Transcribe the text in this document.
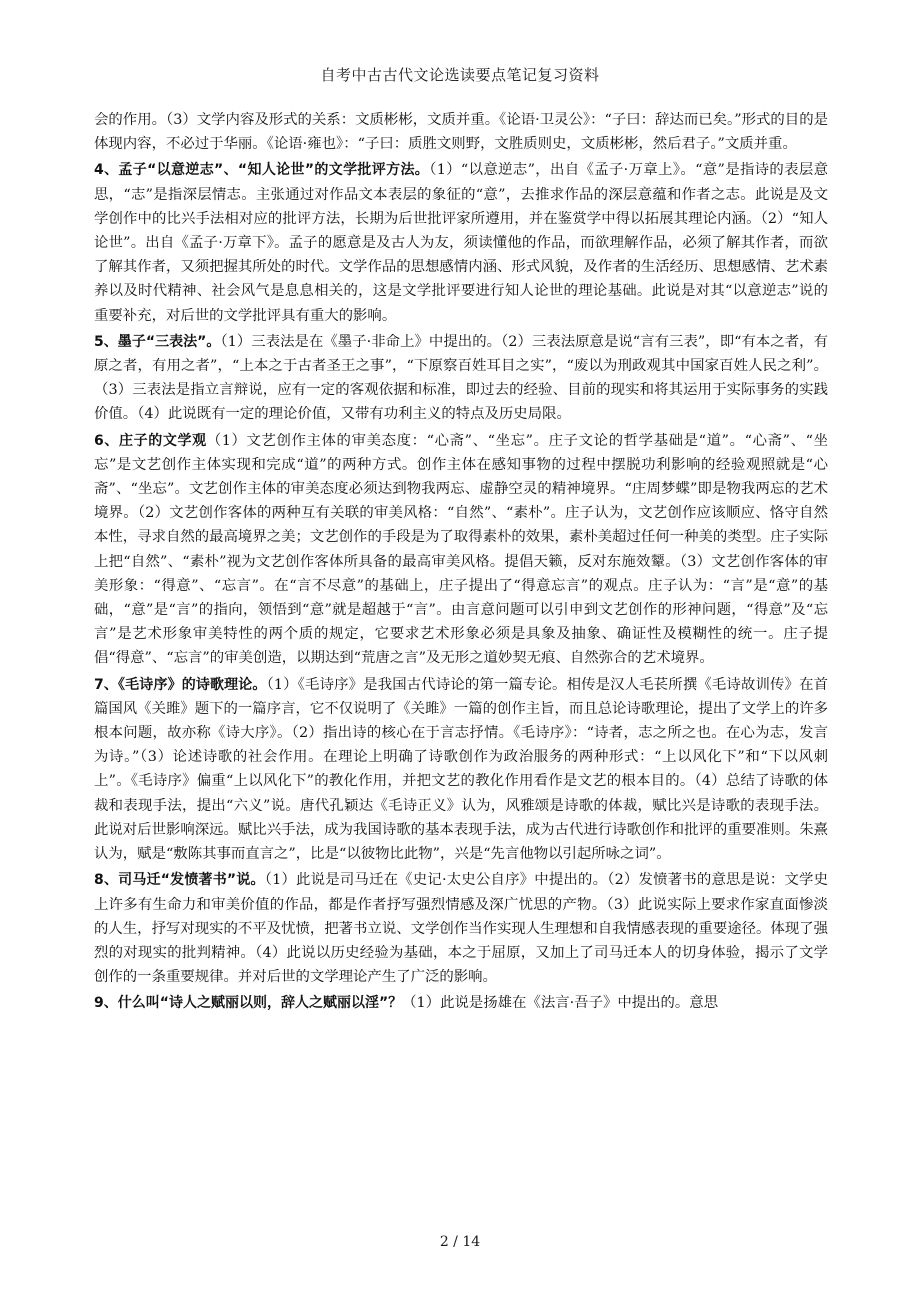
自考中古古代文论选读要点笔记复习资料

会的作用。（3）文学内容及形式的关系：文质彬彬，文质并重。《论语·卫灵公》：“子曰：辞达而已矣。”形式的目的是体现内容，不必过于华丽。《论语·雍也》：“子曰：质胜文则野，文胜质则史，文质彬彬，然后君子。”文质并重。

4、孟子“以意逆志”、“知人论世”的文学批评方法。（1）“以意逆志”，出自《孟子·万章上》。“意”是指诗的表层意思，“志”是指深层情志。主张通过对作品文本表层的象征的“意”，去推求作品的深层意蕴和作者之志。此说是及文学创作中的比兴手法相对应的批评方法，长期为后世批评家所遵用，并在鉴赏学中得以拓展其理论内涵。（2）“知人论世”。出自《孟子·万章下》。孟子的愿意是及古人为友，须读懂他的作品，而欲理解作品，必须了解其作者，而欲了解其作者，又须把握其所处的时代。文学作品的思想感情内涵、形式风貌，及作者的生活经历、思想感情、艺术素养以及时代精神、社会风气是息息相关的，这是文学批评要进行知人论世的理论基础。此说是对其“以意逆志”说的重要补充，对后世的文学批评具有重大的影响。

5、墨子“三表法”。（1）三表法是在《墨子·非命上》中提出的。（2）三表法原意是说“言有三表”，即“有本之者，有原之者，有用之者”，“上本之于古者圣王之事”，“下原察百姓耳目之实”，“废以为刑政观其中国家百姓人民之利”。（3）三表法是指立言辩说，应有一定的客观依据和标准，即过去的经验、目前的现实和将其运用于实际事务的实践价值。（4）此说既有一定的理论价值，又带有功利主义的特点及历史局限。

6、庄子的文学观（1）文艺创作主体的审美态度：“心斋”、“坐忘”。庄子文论的哲学基础是“道”。“心斋”、“坐忘”是文艺创作主体实现和完成“道”的两种方式。创作主体在感知事物的过程中摆脱功利影响的经验观照就是“心斋”、“坐忘”。文艺创作主体的审美态度必须达到物我两忘、虚静空灵的精神境界。“庄周梦蝶”即是物我两忘的艺术境界。（2）文艺创作客体的两种互有关联的审美风格：“自然”、“素朴”。庄子认为，文艺创作应该顺应、恪守自然本性，寻求自然的最高境界之美；文艺创作的手段是为了取得素朴的效果，素朴美超过任何一种美的类型。庄子实际上把“自然”、“素朴”视为文艺创作客体所具备的最高审美风格。提倡天籁，反对东施效颦。（3）文艺创作客体的审美形象：“得意”、“忘言”。在“言不尽意”的基础上，庄子提出了“得意忘言”的观点。庄子认为：“言”是“意”的基础，“意”是“言”的指向，领悟到“意”就是超越于“言”。由言意问题可以引申到文艺创作的形神问题，“得意”及“忘言”是艺术形象审美特性的两个质的规定，它要求艺术形象必须是具象及抽象、确证性及模糊性的统一。庄子提倡“得意”、“忘言”的审美创造，以期达到“荒唐之言”及无形之道妙契无痕、自然弥合的艺术境界。

7、《毛诗序》的诗歌理论。（1）《毛诗序》是我国古代诗论的第一篇专论。相传是汉人毛苌所撰《毛诗故训传》在首篇国风《关雎》题下的一篇序言，它不仅说明了《关雎》一篇的创作主旨，而且总论诗歌理论，提出了文学上的许多根本问题，故亦称《诗大序》。（2）指出诗的核心在于言志抒情。《毛诗序》：“诗者，志之所之也。在心为志，发言为诗。”（3）论述诗歌的社会作用。在理论上明确了诗歌创作为政治服务的两种形式：“上以风化下”和“下以风刺上”。《毛诗序》偏重“上以风化下”的教化作用，并把文艺的教化作用看作是文艺的根本目的。（4）总结了诗歌的体裁和表现手法，提出“六义”说。唐代孔颖达《毛诗正义》认为，风雅颂是诗歌的体裁，赋比兴是诗歌的表现手法。此说对后世影响深远。赋比兴手法，成为我国诗歌的基本表现手法，成为古代进行诗歌创作和批评的重要准则。朱熹认为，赋是“敷陈其事而直言之”，比是“以彼物比此物”，兴是“先言他物以引起所咏之词”。

8、司马迁“发愤著书”说。（1）此说是司马迁在《史记·太史公自序》中提出的。（2）发愤著书的意思是说：文学史上许多有生命力和审美价值的作品，都是作者抒写强烈情感及深广忧思的产物。（3）此说实际上要求作家直面惨淡的人生，抒写对现实的不平及忧愤，把著书立说、文学创作当作实现人生理想和自我情感表现的重要途径。体现了强烈的对现实的批判精神。（4）此说以历史经验为基础，本之于屈原，又加上了司马迁本人的切身体验，揭示了文学创作的一条重要规律。并对后世的文学理论产生了广泛的影响。

9、什么叫“诗人之赋丽以则，辞人之赋丽以淫”？（1）此说是扬雄在《法言·吾子》中提出的。意思

2 / 14
